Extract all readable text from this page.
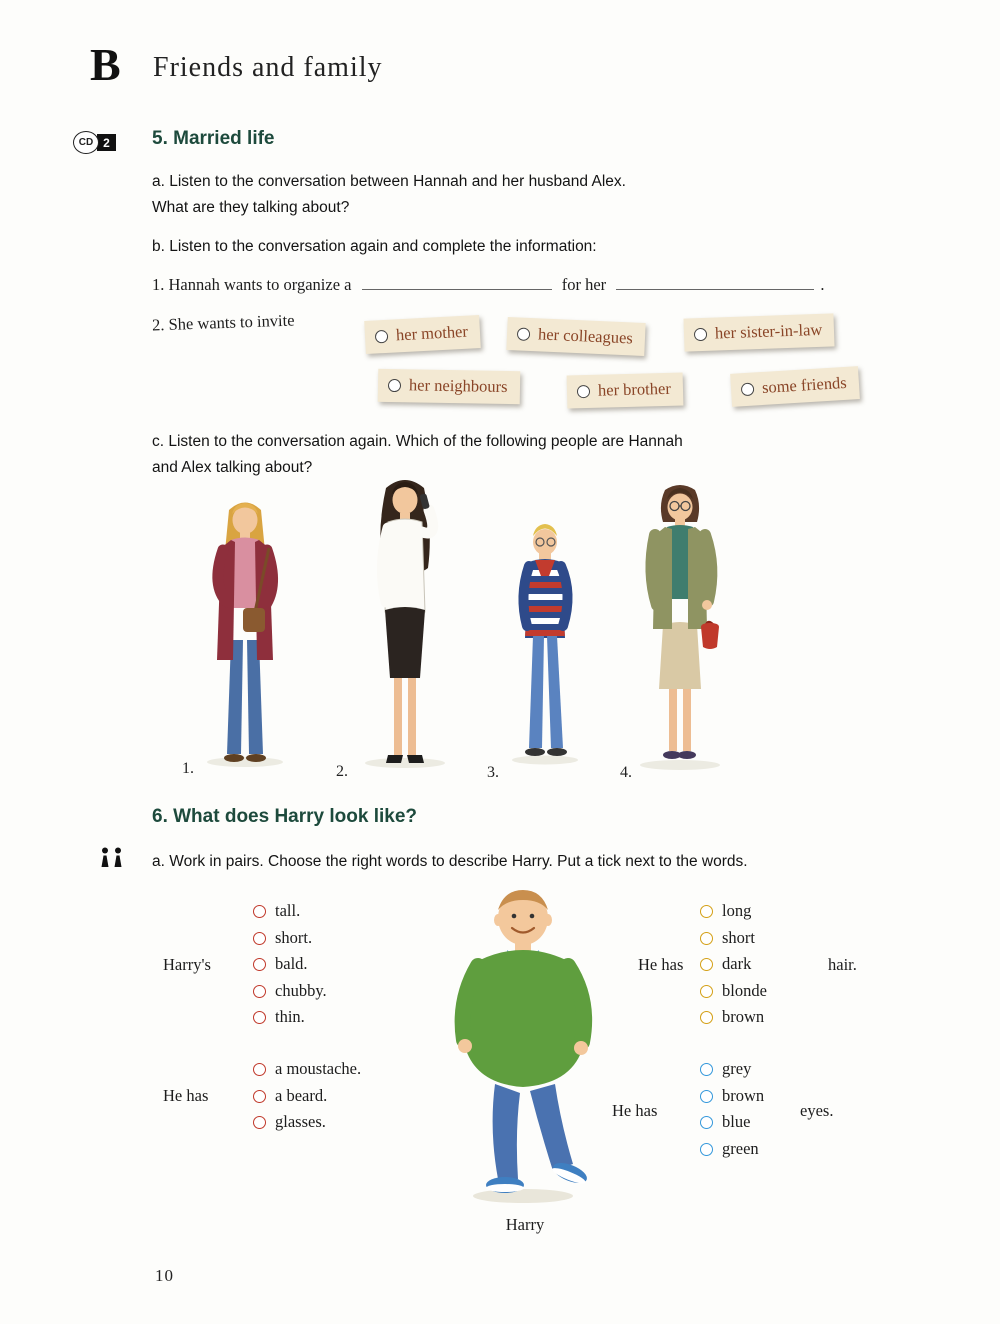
B Friends and family
CD 2	5. Married life
a. Listen to the conversation between Hannah and her husband Alex.
What are they talking about?
b. Listen to the conversation again and complete the information:
1. Hannah wants to organize a	for her	.
2. She wants to invite	her mother	her colleagues	her sister-in-law
her neighbours	her brother	some friends
c. Listen to the conversation again. Which of the following people are Hannah
and Alex talking about?
1.	2.	3.	4.
6. What does Harry look like?
a. Work in pairs. Choose the right words to describe Harry. Put a tick next to the words.
Harry's
tall.
short.
bald.
chubby.
thin.
He has
a moustache.
a beard.
glasses.
Harry
He has
long
short
dark
blonde
brown
hair.
He has
grey
brown
blue
green
eyes.
10
